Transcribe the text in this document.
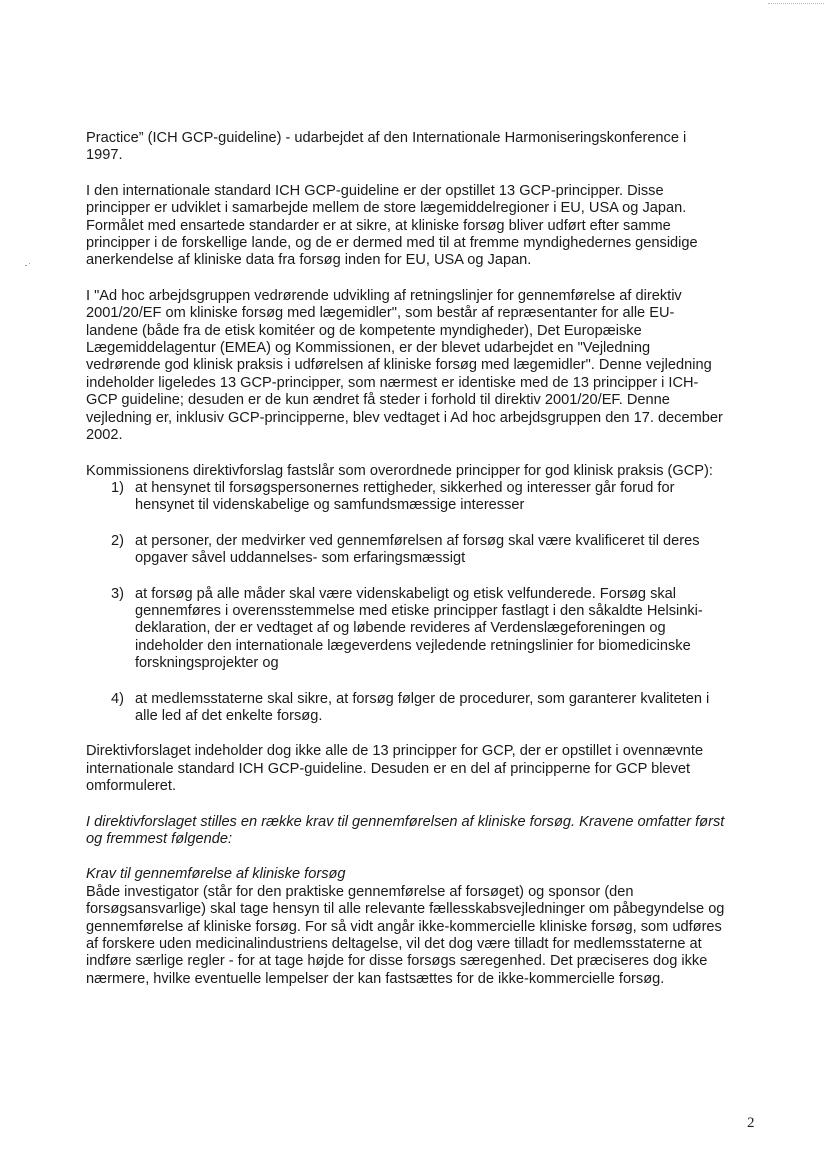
Practice” (ICH GCP-guideline) - udarbejdet af den Internationale Harmoniseringskonference i
1997.

I den internationale standard ICH GCP-guideline er der opstillet 13 GCP-principper. Disse
principper er udviklet i samarbejde mellem de store lægemiddelregioner i EU, USA og Japan.
Formålet med ensartede standarder er at sikre, at kliniske forsøg bliver udført efter samme
principper i de forskellige lande, og de er dermed med til at fremme myndighedernes gensidige
anerkendelse af kliniske data fra forsøg inden for EU, USA og Japan.

I "Ad hoc arbejdsgruppen vedrørende udvikling af retningslinjer for gennemførelse af direktiv
2001/20/EF om kliniske forsøg med lægemidler", som består af repræsentanter for alle EU-
landene (både fra de etisk komitéer og de kompetente myndigheder), Det Europæiske
Lægemiddelagentur (EMEA) og Kommissionen, er der blevet udarbejdet en "Vejledning
vedrørende god klinisk praksis i udførelsen af kliniske forsøg med lægemidler". Denne vejledning
indeholder ligeledes 13 GCP-principper, som nærmest er identiske med de 13 principper i ICH-
GCP guideline; desuden er de kun ændret få steder i forhold til direktiv 2001/20/EF. Denne
vejledning er, inklusiv GCP-principperne, blev vedtaget i Ad hoc arbejdsgruppen den 17. december
2002.

Kommissionens direktivforslag fastslår som overordnede principper for god klinisk praksis (GCP):

1) at hensynet til forsøgspersonernes rettigheder, sikkerhed og interesser går forud for
hensynet til videnskabelige og samfundsmæssige interesser
2) at personer, der medvirker ved gennemførelsen af forsøg skal være kvalificeret til deres
opgaver såvel uddannelses- som erfaringsmæssigt
3) at forsøg på alle måder skal være videnskabeligt og etisk velfunderede. Forsøg skal
gennemføres i overensstemmelse med etiske principper fastlagt i den såkaldte Helsinki-
deklaration, der er vedtaget af og løbende revideres af Verdenslægeforeningen og
indeholder den internationale lægeverdens vejledende retningslinier for biomedicinske
forskningsprojekter og
4) at medlemsstaterne skal sikre, at forsøg følger de procedurer, som garanterer kvaliteten i
alle led af det enkelte forsøg.

Direktivforslaget indeholder dog ikke alle de 13 principper for GCP, der er opstillet i ovennævnte
internationale standard ICH GCP-guideline. Desuden er en del af principperne for GCP blevet
omformuleret.

I direktivforslaget stilles en række krav til gennemførelsen af kliniske forsøg. Kravene omfatter først
og fremmest følgende:

Krav til gennemførelse af kliniske forsøg
Både investigator (står for den praktiske gennemførelse af forsøget) og sponsor (den
forsøgsansvarlige) skal tage hensyn til alle relevante fællesskabsvejledninger om påbegyndelse og
gennemførelse af kliniske forsøg. For så vidt angår ikke-kommercielle kliniske forsøg, som udføres
af forskere uden medicinalindustriens deltagelse, vil det dog være tilladt for medlemsstaterne at
indføre særlige regler - for at tage højde for disse forsøgs særegenhed. Det præciseres dog ikke
nærmere, hvilke eventuelle lempelser der kan fastsættes for de ikke-kommercielle forsøg.

2
